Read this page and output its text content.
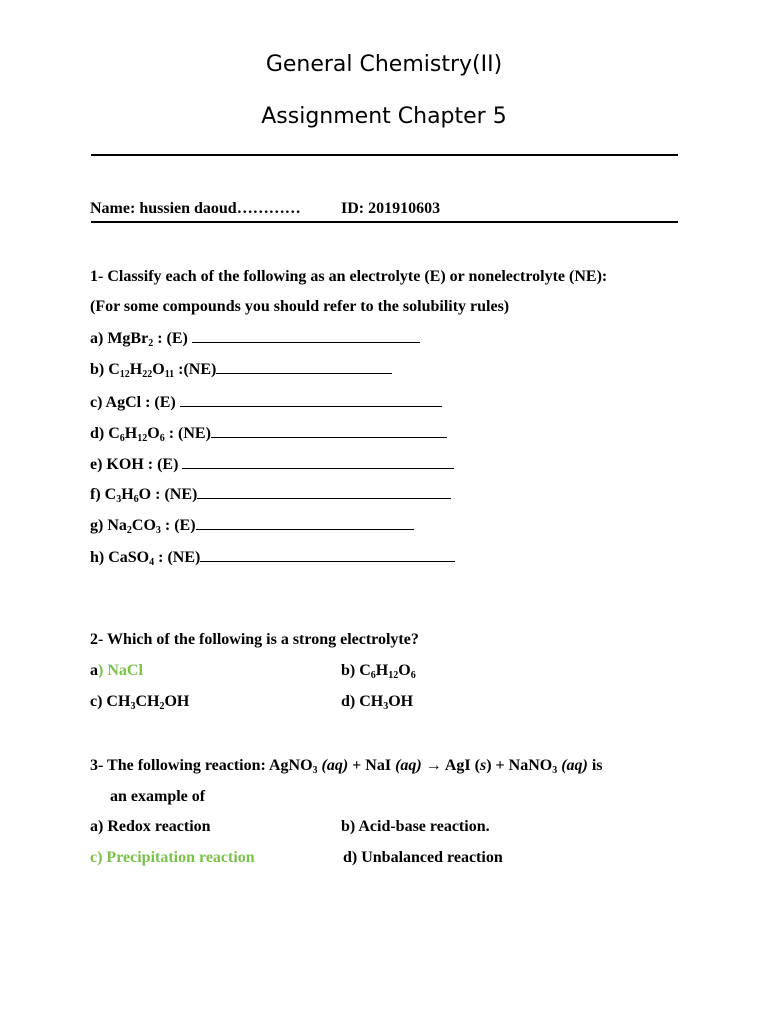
General Chemistry(II)
Assignment Chapter 5
Name: hussien daoud…………	ID: 201910603
1- Classify each of the following as an electrolyte (E) or nonelectrolyte (NE):
(For some compounds you should refer to the solubility rules)
a) MgBr$_2$ : (E)
b) $C_{12}H_{22}O_{11}$ :(NE)
c) AgCl : (E)
d) $C_6H_{12}O_6$ : (NE)
e) KOH : (E)
f) $C_3H_6O$ : (NE)
g) $Na_2CO_3$ : (E)
h) CaSO$_4$ : (NE)
2- Which of the following is a strong electrolyte?
a) NaCl	b) $C_6H_{12}O_6$
c) $CH_3CH_2OH$	d) $CH_3OH$
3- The following reaction: AgNO$_3$ (aq) + NaI (aq) → AgI (s) + NaNO$_3$ (aq) is
an example of
a) Redox reaction	b) Acid-base reaction.
c) Precipitation reaction	d) Unbalanced reaction
